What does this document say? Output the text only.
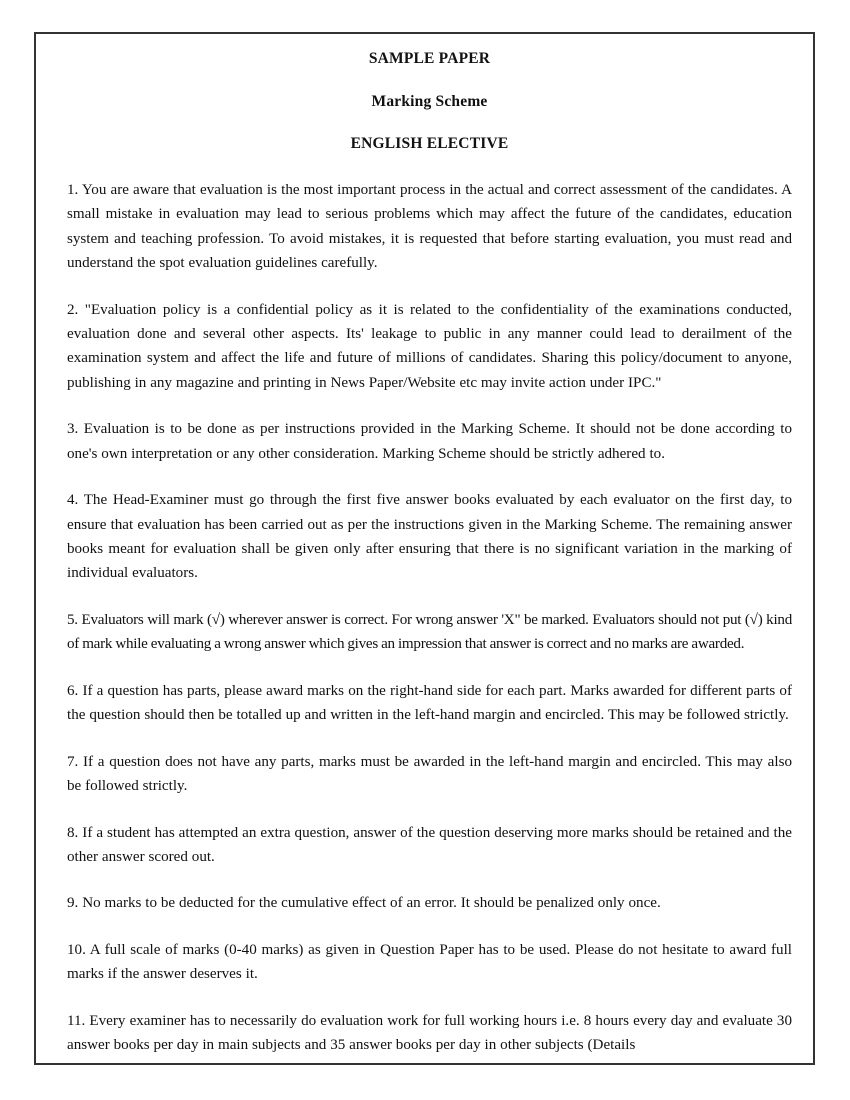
SAMPLE PAPER
Marking Scheme
ENGLISH ELECTIVE

1. You are aware that evaluation is the most important process in the actual and correct assessment of the candidates. A small mistake in evaluation may lead to serious problems which may affect the future of the candidates, education system and teaching profession. To avoid mistakes, it is requested that before starting evaluation, you must read and understand the spot evaluation guidelines carefully.

2. "Evaluation policy is a confidential policy as it is related to the confidentiality of the examinations conducted, evaluation done and several other aspects. Its' leakage to public in any manner could lead to derailment of the examination system and affect the life and future of millions of candidates. Sharing this policy/document to anyone, publishing in any magazine and printing in News Paper/Website etc may invite action under IPC."

3. Evaluation is to be done as per instructions provided in the Marking Scheme. It should not be done according to one's own interpretation or any other consideration. Marking Scheme should be strictly adhered to.

4. The Head-Examiner must go through the first five answer books evaluated by each evaluator on the first day, to ensure that evaluation has been carried out as per the instructions given in the Marking Scheme. The remaining answer books meant for evaluation shall be given only after ensuring that there is no significant variation in the marking of individual evaluators.

5. Evaluators will mark (√) wherever answer is correct. For wrong answer 'X" be marked. Evaluators should not put (√) kind of mark while evaluating a wrong answer which gives an impression that answer is correct and no marks are awarded.

6. If a question has parts, please award marks on the right-hand side for each part. Marks awarded for different parts of the question should then be totalled up and written in the left-hand margin and encircled. This may be followed strictly.

7. If a question does not have any parts, marks must be awarded in the left-hand margin and encircled. This may also be followed strictly.

8. If a student has attempted an extra question, answer of the question deserving more marks should be retained and the other answer scored out.

9. No marks to be deducted for the cumulative effect of an error. It should be penalized only once.

10. A full scale of marks (0-40 marks) as given in Question Paper has to be used. Please do not hesitate to award full marks if the answer deserves it.

11. Every examiner has to necessarily do evaluation work for full working hours i.e. 8 hours every day and evaluate 30 answer books per day in main subjects and 35 answer books per day in other subjects (Details
